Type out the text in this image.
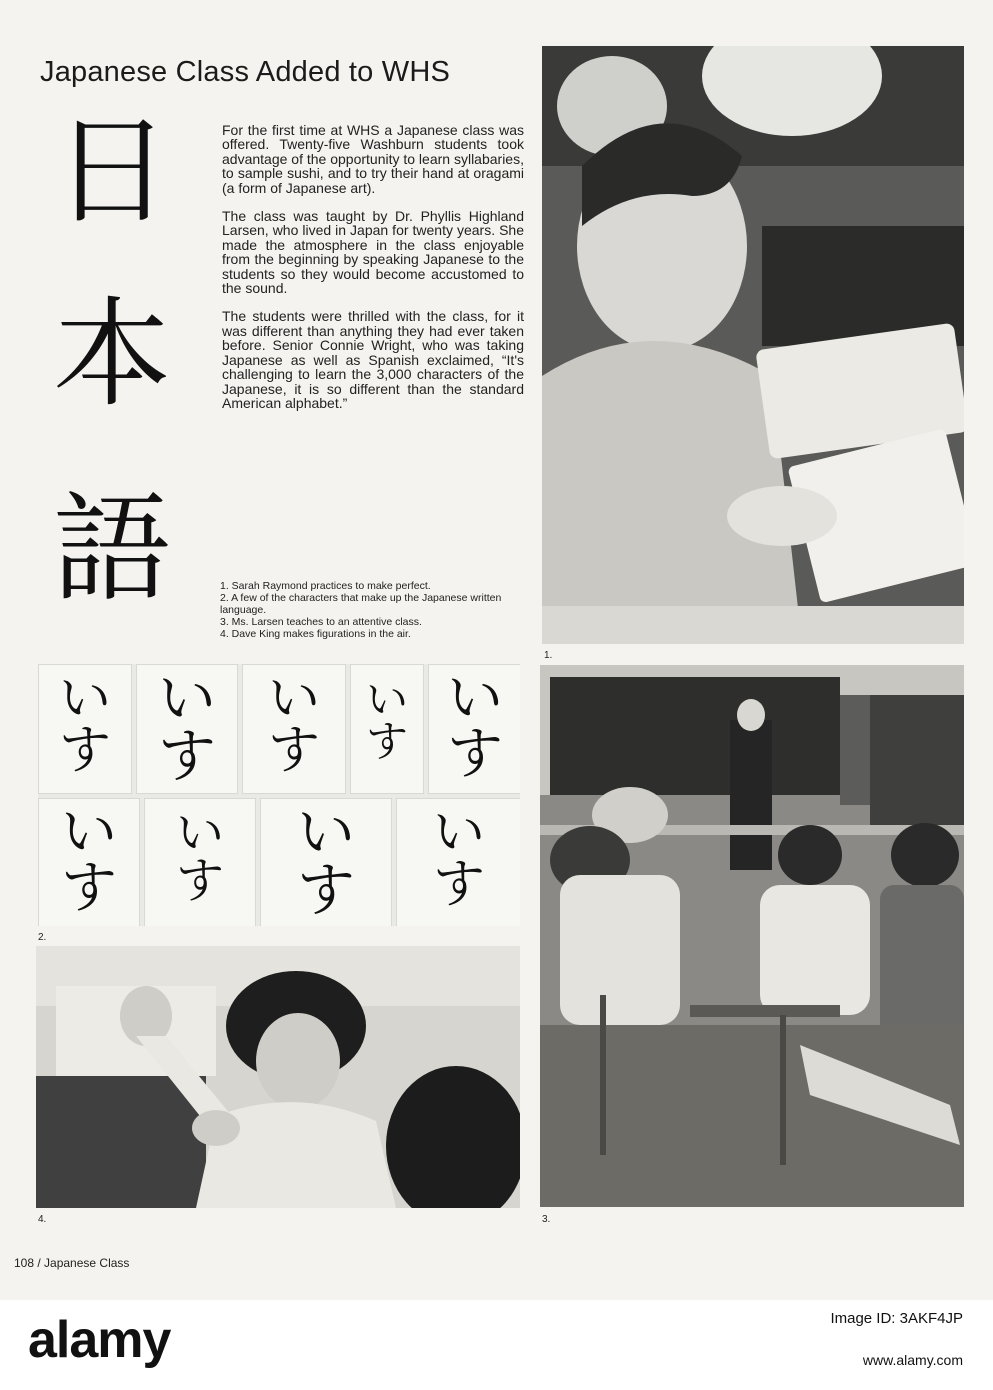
Japanese Class Added to WHS
日
本
語

For the first time at WHS a Japanese class was offered. Twenty-five Washburn students took advantage of the opportunity to learn syllabaries, to sample sushi, and to try their hand at oragami (a form of Japanese art).

The class was taught by Dr. Phyllis Highland Larsen, who lived in Japan for twenty years. She made the atmosphere in the class enjoyable from the beginning by speaking Japanese to the students so they would become accustomed to the sound.

The students were thrilled with the class, for it was different than anything they had ever taken before. Senior Connie Wright, who was taking Japanese as well as Spanish exclaimed, “It's challenging to learn the 3,000 characters of the Japanese, it is so different than the standard American alphabet.”

1. Sarah Raymond practices to make perfect.
2. A few of the characters that make up the Japanese written language.
3. Ms. Larsen teaches to an attentive class.
4. Dave King makes figurations in the air.
1.
い
す
い
す
い
す
い
す
い
す
い
す
い
す
い
す
い
す
2.
3.
4.
108 / Japanese Class
alamy	Image ID: 3AKF4JP
www.alamy.com
